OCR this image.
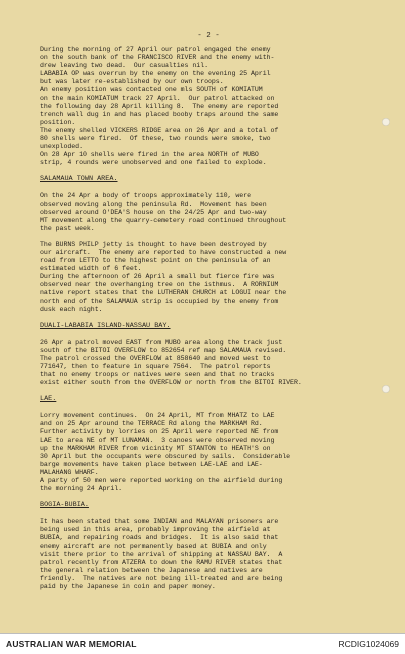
- 2 -
During the morning of 27 April our patrol engaged the enemy
on the south bank of the FRANCISCO RIVER and the enemy with-
drew leaving two dead.  Our casualties nil.
LABABIA OP was overrun by the enemy on the evening 25 April
but was later re-established by our own troops.
An enemy position was contacted one mls SOUTH of KOMIATUM
on the main KOMIATUM track 27 April.  Our patrol attacked on
the following day 28 April killing 8.  The enemy are reported
trench wall dug in and has placed booby traps around the same
position.
The enemy shelled VICKERS RIDGE area on 26 Apr and a total of
80 shells were fired.  Of these, two rounds were smoke, two
unexploded.
On 28 Apr 10 shells were fired in the area NORTH of MUBO
strip, 4 rounds were unobserved and one failed to explode.
SALAMAUA TOWN AREA.
On the 24 Apr a body of troops approximately 110, were
observed moving along the peninsula Rd.  Movement has been
observed around O'DEA'S house on the 24/25 Apr and two-way
MT movement along the quarry-cemetery road continued throughout
the past week.
The BURNS PHILP jetty is thought to have been destroyed by
our aircraft.  The enemy are reported to have constructed a new
road from LETTO to the highest point on the peninsula of an
estimated width of 6 feet.
During the afternoon of 26 April a small but fierce fire was
observed near the overhanging tree on the isthmus.  A RORNIUM
native report states that the LUTHERAN CHURCH at LOGUI near the
north end of the SALAMAUA strip is occupied by the enemy from
dusk each night.
DUALI-LABABIA ISLAND-NASSAU BAY.
26 Apr a patrol moved EAST from MUBO area along the track just
south of the BITOI OVERFLOW to 852654 ref map SALAMAUA revised.
The patrol crossed the OVERFLOW at 858640 and moved west to
771647, then to feature in square 7564.  The patrol reports
that no enemy troops or natives were seen and that no tracks
exist either south from the OVERFLOW or north from the BITOI RIVER.
LAE.
Lorry movement continues.  On 24 April, MT from MHATZ to LAE
and on 25 Apr around the TERRACE Rd along the MARKHAM Rd.
Further activity by lorries on 25 April were reported NE from
LAE to area NE of MT LUNAMAN.  3 canoes were observed moving
up the MARKHAM RIVER from vicinity MT STANTON to HEATH'S on
30 April but the occupants were obscured by sails.  Considerable
barge movements have taken place between LAE-LAE and LAE-
MALAHANG WHARF.
A party of 50 men were reported working on the airfield during
the morning 24 April.
BOGIA-BUBIA.
It has been stated that some INDIAN and MALAYAN prisoners are
being used in this area, probably improving the airfield at
BUBIA, and repairing roads and bridges.  It is also said that
enemy aircraft are not permanently based at BUBIA and only
visit there prior to the arrival of shipping at NASSAU BAY.  A
patrol recently from ATZERA to down the RAMU RIVER states that
the general relation between the Japanese and natives are
friendly.  The natives are not being ill-treated and are being
paid by the Japanese in coin and paper money.
AUSTRALIAN WAR MEMORIAL	RCDIG1024069
